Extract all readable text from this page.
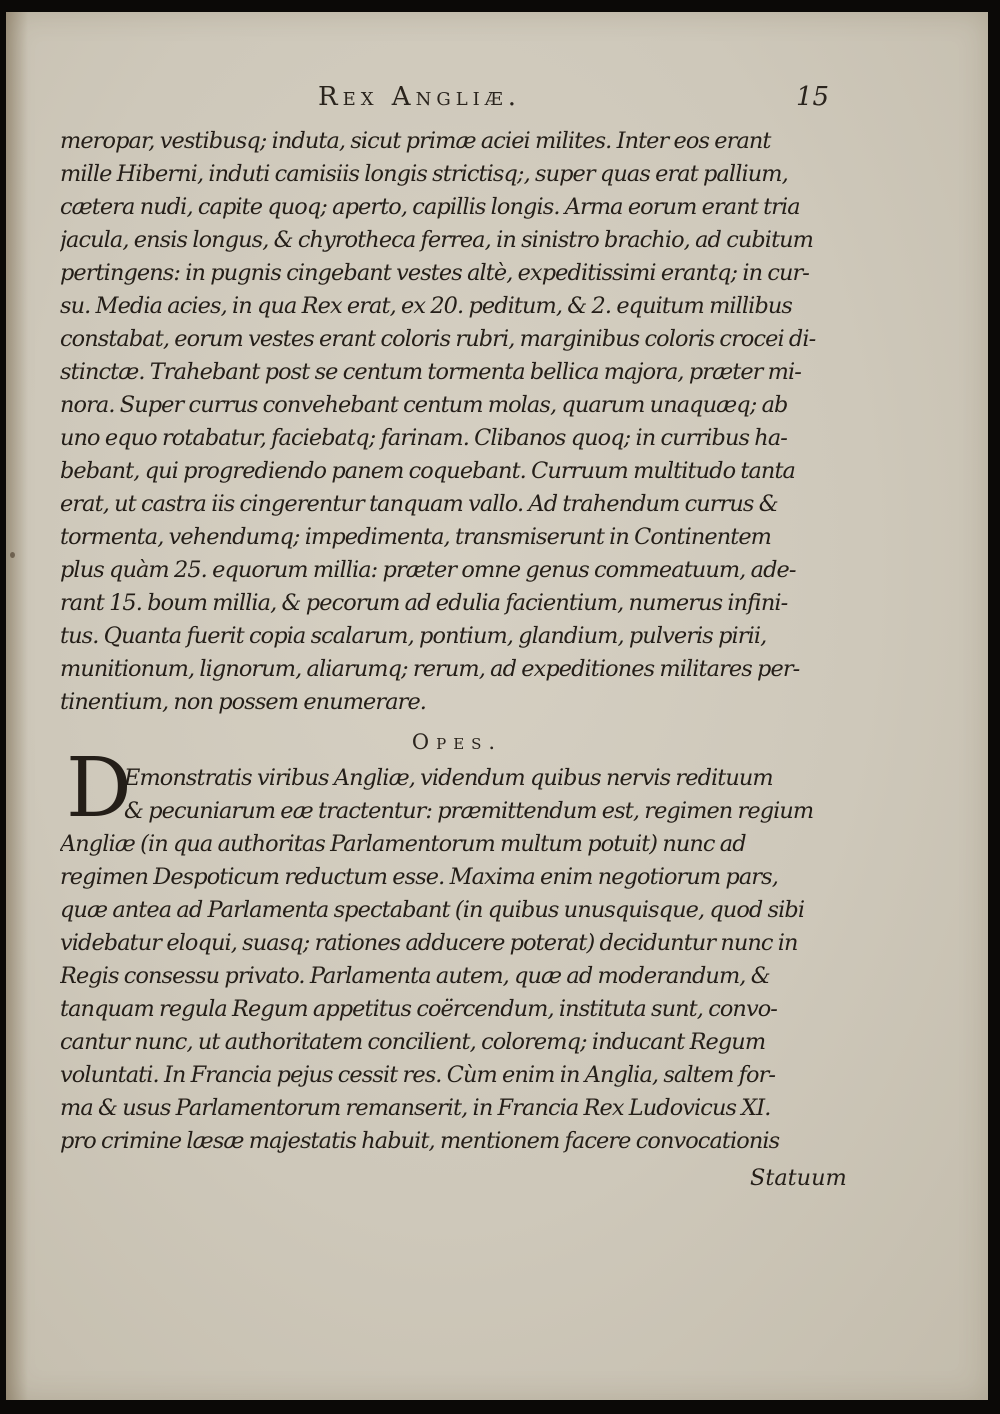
Rex Angliæ.	15
meropar, vestibusq; induta, sicut primæ aciei milites. Inter eos erant
mille Hiberni, induti camisiis longis strictisq;, super quas erat pallium,
cætera nudi, capite quoq; aperto, capillis longis. Arma eorum erant tria
jacula, ensis longus, & chyrotheca ferrea, in sinistro brachio, ad cubitum
pertingens: in pugnis cingebant vestes altè, expeditissimi erantq; in cur-
su. Media acies, in qua Rex erat, ex 20. peditum, & 2. equitum millibus
constabat, eorum vestes erant coloris rubri, marginibus coloris crocei di-
stinctæ. Trahebant post se centum tormenta bellica majora, præter mi-
nora. Super currus convehebant centum molas, quarum unaquæq; ab
uno equo rotabatur, faciebatq; farinam. Clibanos quoq; in curribus ha-
bebant, qui progrediendo panem coquebant. Curruum multitudo tanta
erat, ut castra iis cingerentur tanquam vallo. Ad trahendum currus &
tormenta, vehendumq; impedimenta, transmiserunt in Continentem
plus quàm 25. equorum millia: præter omne genus commeatuum, ade-
rant 15. boum millia, & pecorum ad edulia facientium, numerus infini-
tus. Quanta fuerit copia scalarum, pontium, glandium, pulveris pirii,
munitionum, lignorum, aliarumq; rerum, ad expeditiones militares per-
tinentium, non possem enumerare.
Opes.
D
Emonstratis viribus Angliæ, videndum quibus nervis redituum
& pecuniarum eæ tractentur: præmittendum est, regimen regium
Angliæ (in qua authoritas Parlamentorum multum potuit) nunc ad
regimen Despoticum reductum esse. Maxima enim negotiorum pars,
quæ antea ad Parlamenta spectabant (in quibus unusquisque, quod sibi
videbatur eloqui, suasq; rationes adducere poterat) deciduntur nunc in
Regis consessu privato. Parlamenta autem, quæ ad moderandum, &
tanquam regula Regum appetitus coërcendum, instituta sunt, convo-
cantur nunc, ut authoritatem concilient, coloremq; inducant Regum
voluntati. In Francia pejus cessit res. Cùm enim in Anglia, saltem for-
ma & usus Parlamentorum remanserit, in Francia Rex Ludovicus XI.
pro crimine læsæ majestatis habuit, mentionem facere convocationis
Statuum
